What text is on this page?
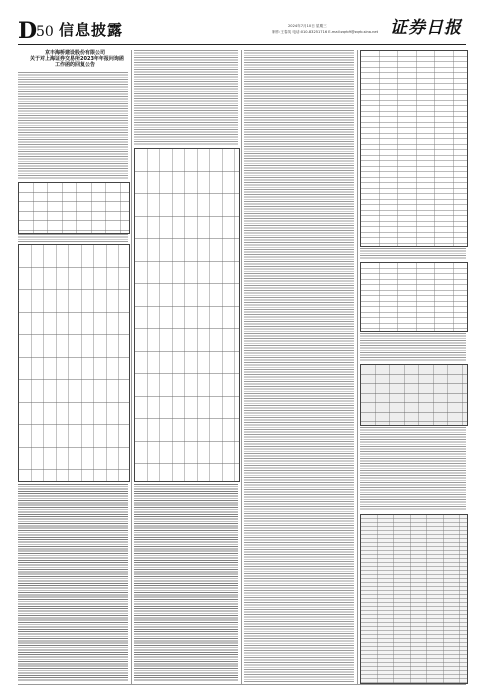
D 50 信息披露	2024年7月10日 星期三
制作:王春英 电话:010-83251716 E-mail:zqrb9@zqrb.sina.net 证券日报
京丰海桥建设股份有限公司
关于对上海证券交易所2023年年报问询函
工作函的回复公告
